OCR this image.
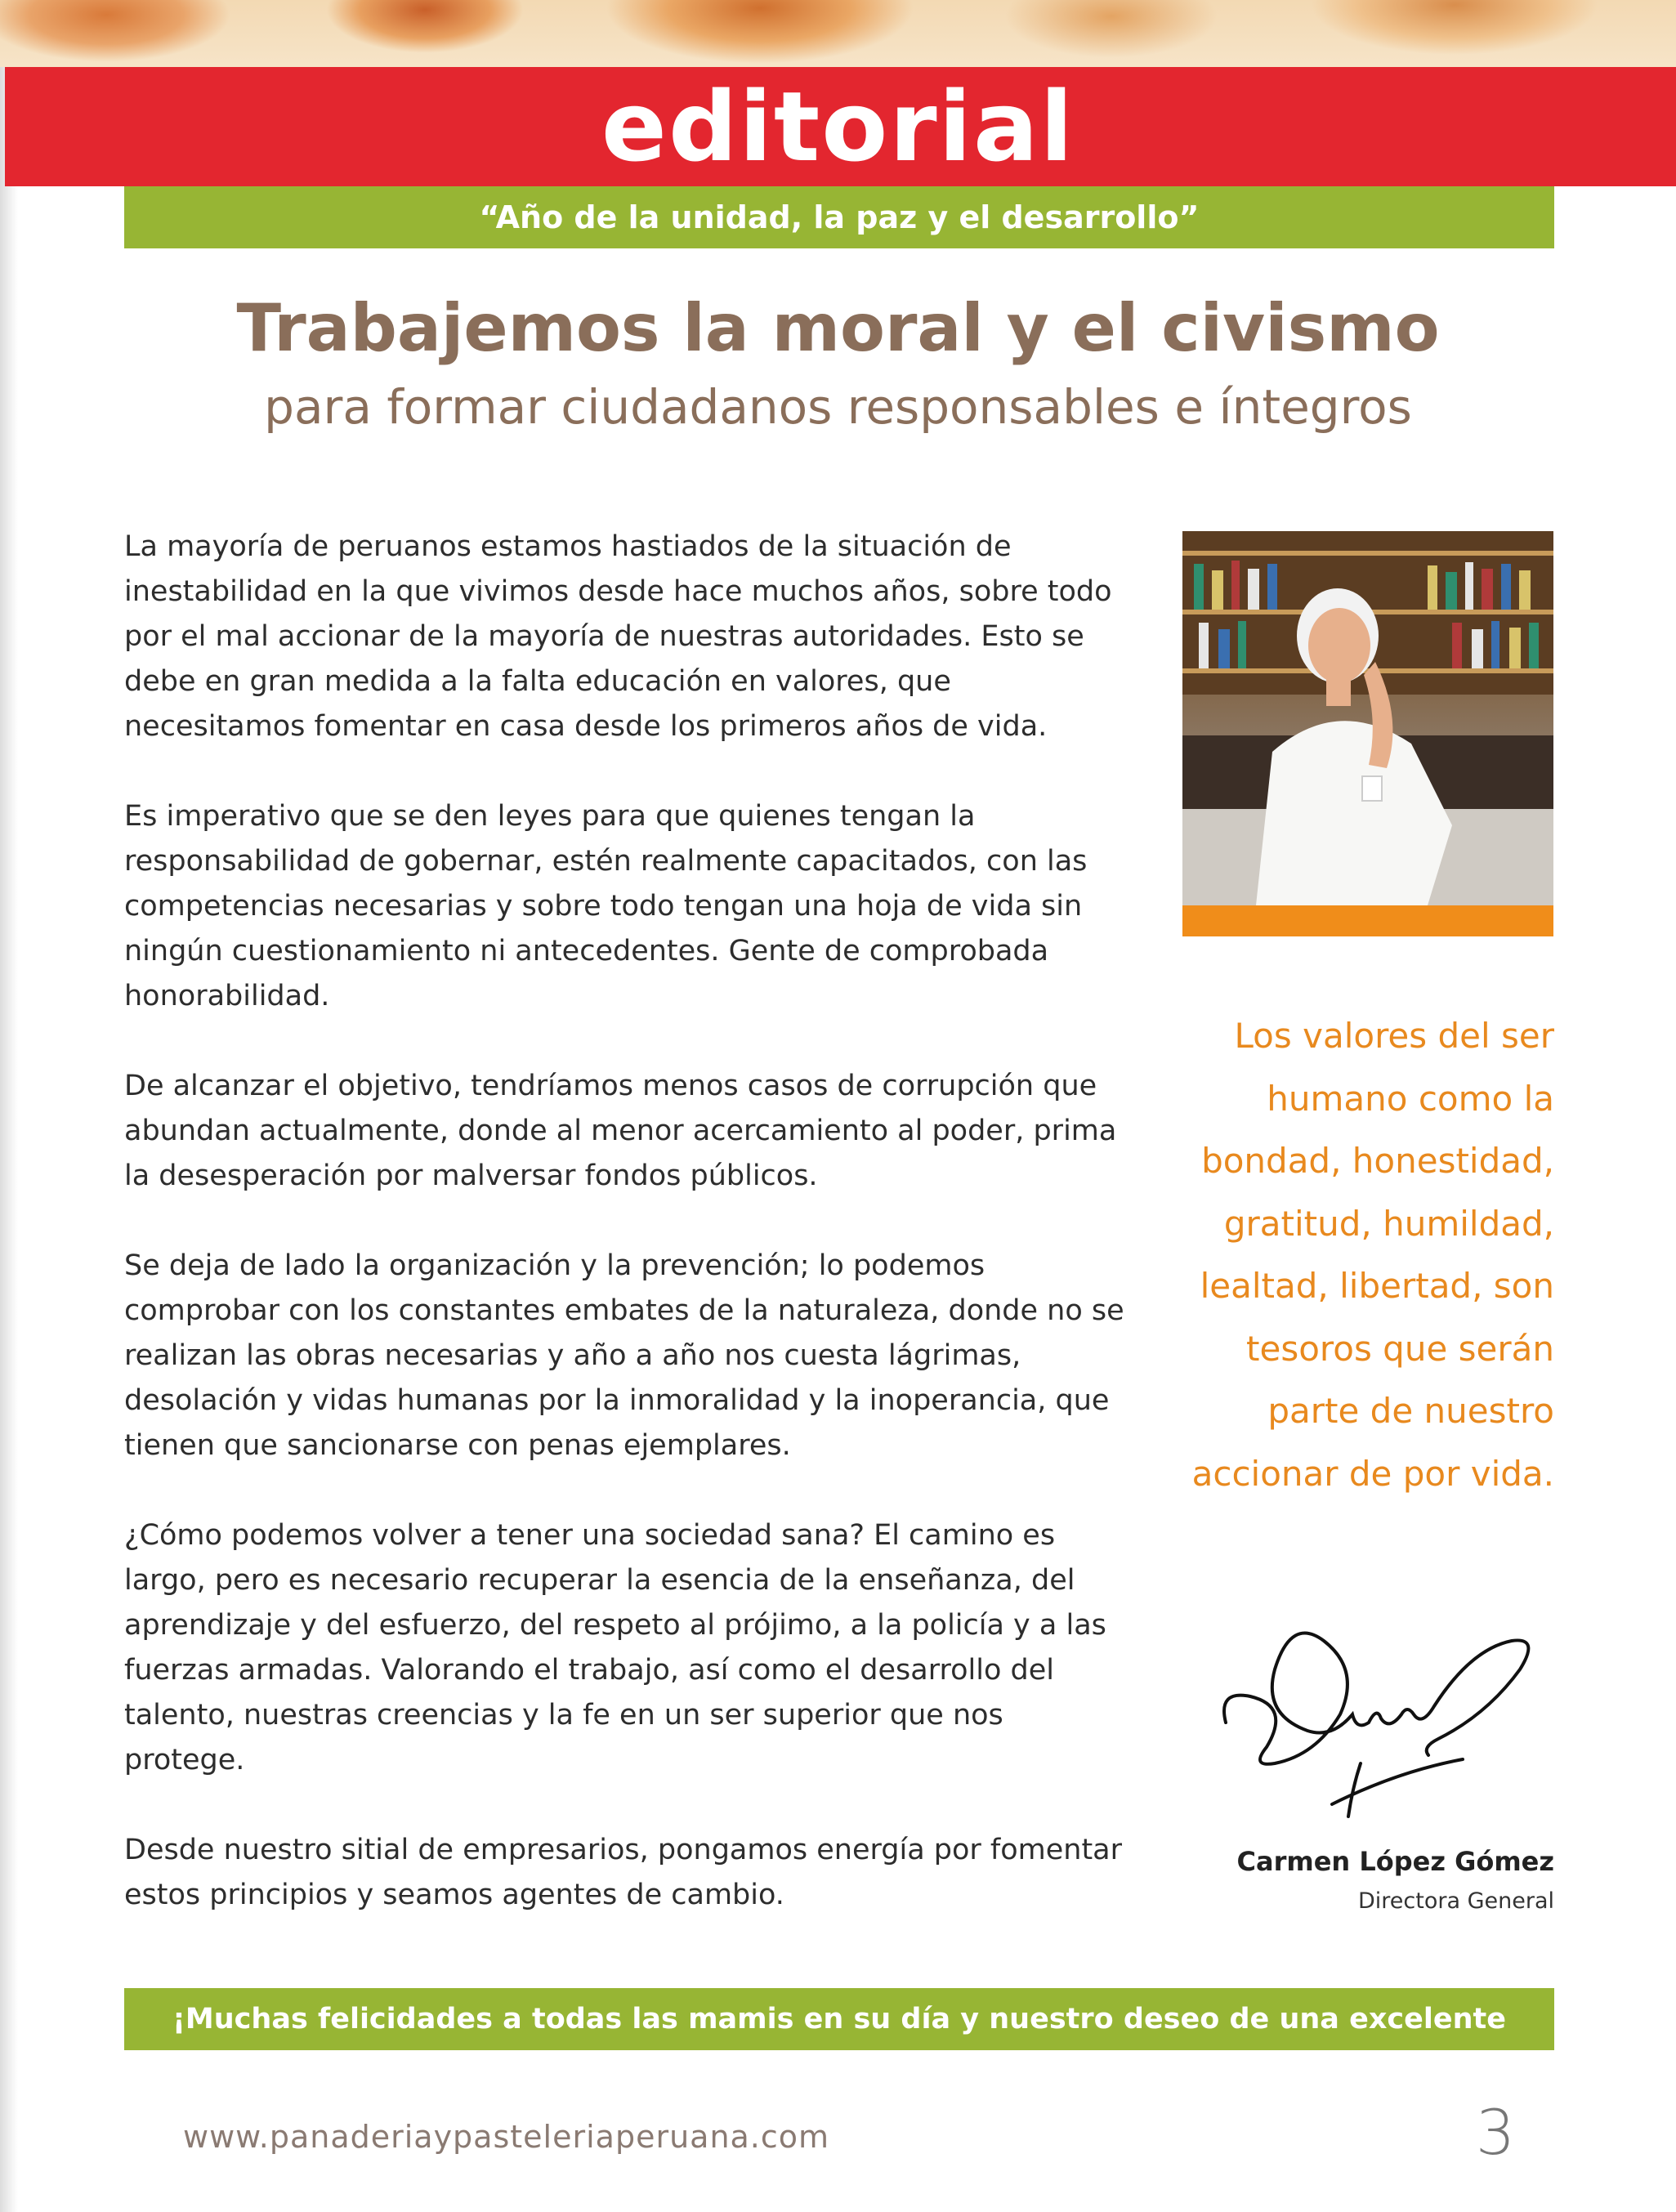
editorial
“Año de la unidad, la paz y el desarrollo”
Trabajemos la moral y el civismo
para formar ciudadanos responsables e íntegros

La mayoría de peruanos estamos hastiados de la situación de inestabilidad en la que vivimos desde hace muchos años, sobre todo por el mal accionar de la mayoría de nuestras autoridades. Esto se debe en gran medida a la falta educación en valores, que necesitamos fomentar en casa desde los primeros años de vida.

Es imperativo que se den leyes para que quienes tengan la responsabilidad de gobernar, estén realmente capacitados, con las competencias necesarias y sobre todo tengan una hoja de vida sin ningún cuestionamiento ni antecedentes. Gente de comprobada honorabilidad.

De alcanzar el objetivo, tendríamos menos casos de corrupción que abundan actualmente, donde al menor acercamiento al poder, prima la desesperación por malversar fondos públicos.

Se deja de lado la organización y la prevención; lo podemos comprobar con los constantes embates de la naturaleza, donde no se realizan las obras necesarias y año a año nos cuesta lágrimas, desolación y vidas humanas por la inmoralidad y la inoperancia, que tienen que sancionarse con penas ejemplares.

¿Cómo podemos volver a tener una sociedad sana? El camino es largo, pero es necesario recuperar la esencia de la enseñanza, del aprendizaje y del esfuerzo, del respeto al prójimo, a la policía y a las fuerzas armadas. Valorando el trabajo, así como el desarrollo del talento, nuestras creencias y la fe en un ser superior que nos protege.

Desde nuestro sitial de empresarios, pongamos energía por fomentar estos principios y seamos agentes de cambio.

Los valores del ser
humano como la
bondad, honestidad,
gratitud, humildad,
lealtad, libertad, son
tesoros que serán
parte de nuestro
accionar de por vida.
Carmen López Gómez
Directora General
¡Muchas felicidades a todas las mamis en su día y nuestro deseo de una excelente campaña!
www.panaderiaypasteleriaperuana.com	3
